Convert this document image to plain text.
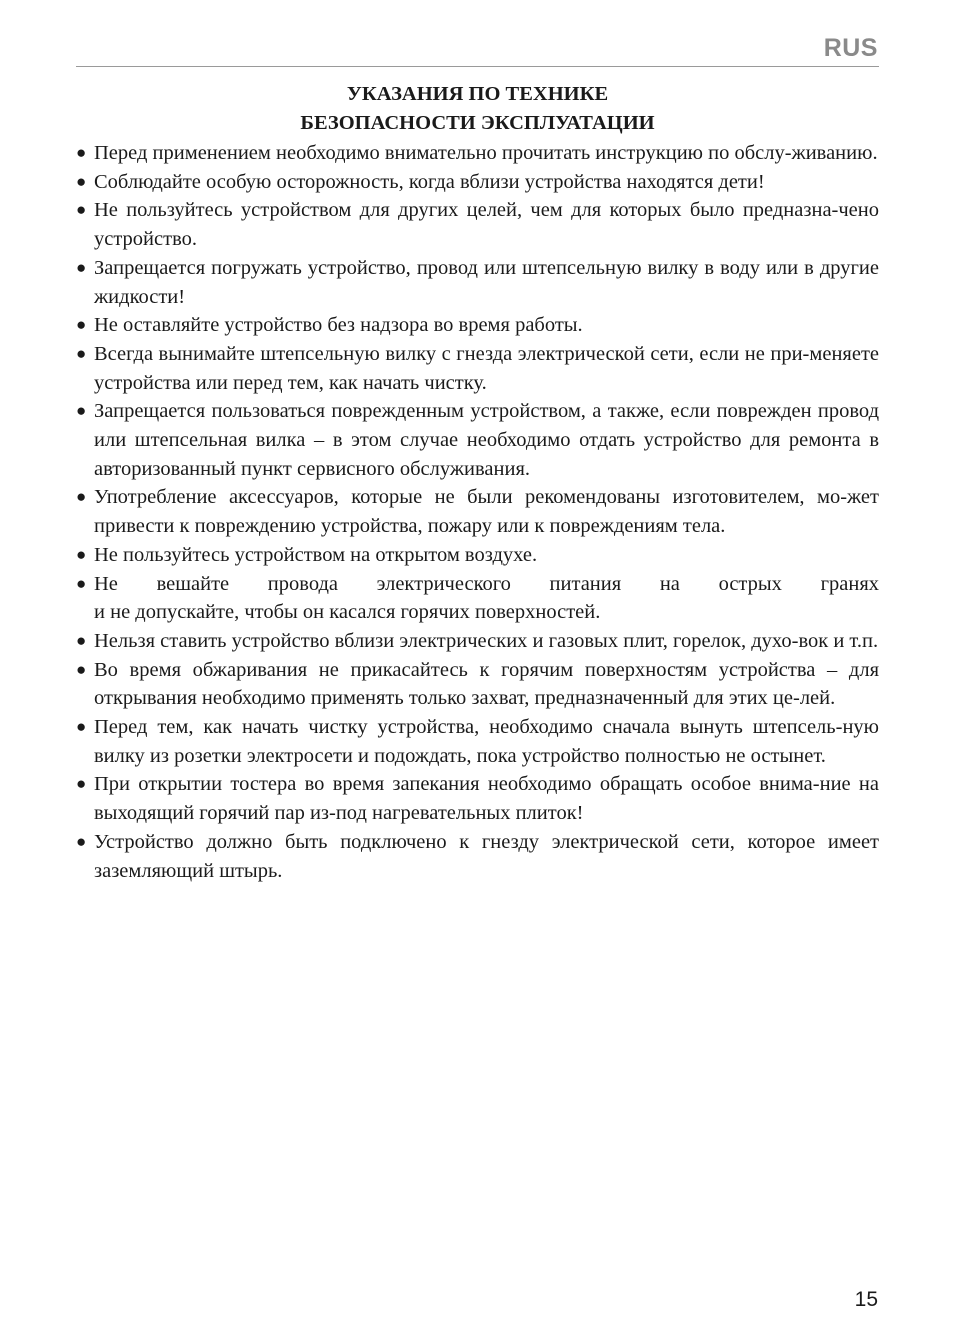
RUS
УКАЗАНИЯ ПО ТЕХНИКЕ
БЕЗОПАСНОСТИ ЭКСПЛУАТАЦИИ
● Перед применением необходимо внимательно прочитать инструкцию по обслу-живанию.
● Соблюдайте особую осторожность, когда вблизи устройства находятся дети!
● Не пользуйтесь устройством для других целей, чем для которых было предназна-чено устройство.
● Запрещается погружать устройство, провод или штепсельную вилку в воду или в другие жидкости!
● Не оставляйте устройство без надзора во время работы.
● Всегда вынимайте штепсельную вилку с гнезда электрической сети, если не при-меняете устройства или перед тем, как начать чистку.
● Запрещается пользоваться поврежденным устройством, а также, если поврежден провод или штепсельная вилка – в этом случае необходимо отдать устройство для ремонта в авторизованный пункт сервисного обслуживания.
● Употребление аксессуаров, которые не были рекомендованы изготовителем, мо-жет привести к повреждению устройства, пожару или к повреждениям тела.
● Не пользуйтесь устройством на открытом воздухе.
● Не вешайте провода электрического питания на острых гранях
и не допускайте, чтобы он касался горячих поверхностей.
● Нельзя ставить устройство вблизи электрических и газовых плит, горелок, духо-вок и т.п.
● Во время обжаривания не прикасайтесь к горячим поверхностям устройства – для открывания необходимо применять только захват, предназначенный для этих це-лей.
● Перед тем, как начать чистку устройства, необходимо сначала вынуть штепсель-ную вилку из розетки электросети и подождать, пока устройство полностью не остынет.
● При открытии тостера во время запекания необходимо обращать особое внима-ние на выходящий горячий пар из-под нагревательных плиток!
● Устройство должно быть подключено к гнезду электрической сети, которое имеет заземляющий штырь.
15
